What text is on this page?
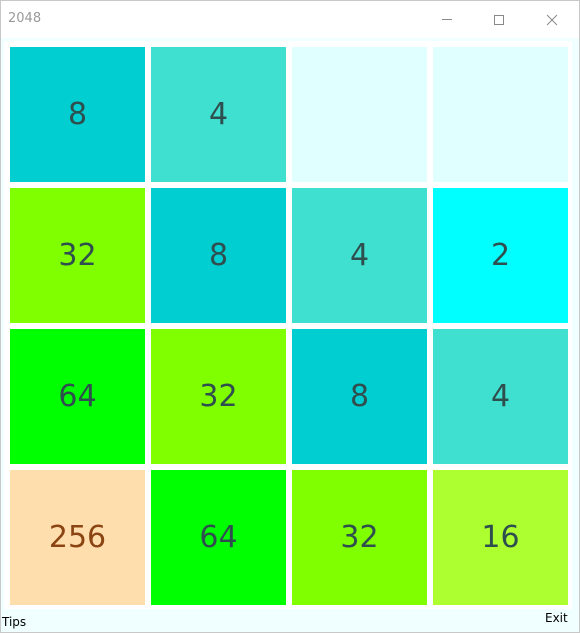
2048
8	4
32	8	4	2
64	32	8	4
256	64	32	16
Tips	Exit
